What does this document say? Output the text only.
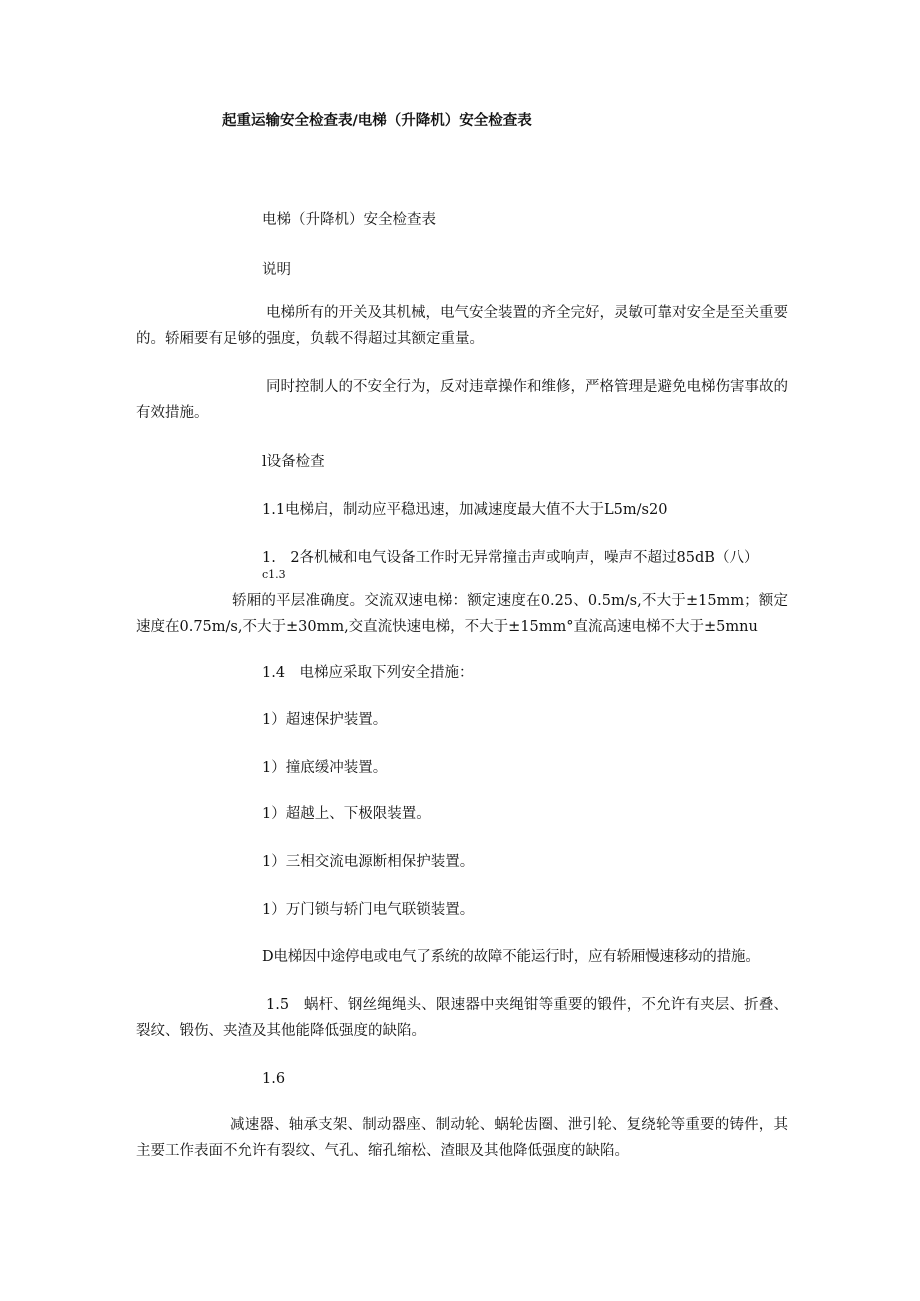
起重运输安全检查表/电梯（升降机）安全检查表

电梯（升降机）安全检查表

说明

电梯所有的开关及其机械，电气安全装置的齐全完好，灵敏可靠对安全是至关重要的。轿厢要有足够的强度，负载不得超过其额定重量。

同时控制人的不安全行为，反对违章操作和维修，严格管理是避免电梯伤害事故的有效措施。

l设备检查

1.1电梯启，制动应平稳迅速，加减速度最大值不大于L5m∕s20

1.　2各机械和电气设备工作时无异常撞击声或响声，噪声不超过85dB（八）

c1.3

轿厢的平层准确度。交流双速电梯：额定速度在0.25、0.5m∕s,不大于±15mm；额定速度在0.75m∕s,不大于±30mm,交直流快速电梯，不大于±15mm°直流高速电梯不大于±5mnu

1.4　电梯应采取下列安全措施：

1）超速保护装置。

1）撞底缓冲装置。

1）超越上、下极限装置。

1）三相交流电源断相保护装置。

1）万门锁与轿门电气联锁装置。

D电梯因中途停电或电气了系统的故障不能运行时，应有轿厢慢速移动的措施。

1.5　蜗杆、钢丝绳绳头、限速器中夹绳钳等重要的锻件，不允许有夹层、折叠、裂纹、锻伤、夹渣及其他能降低强度的缺陷。

1.6

减速器、轴承支架、制动器座、制动轮、蜗轮齿圈、泄引轮、复绕轮等重要的铸件，其主要工作表面不允许有裂纹、气孔、缩孔缩松、渣眼及其他降低强度的缺陷。
